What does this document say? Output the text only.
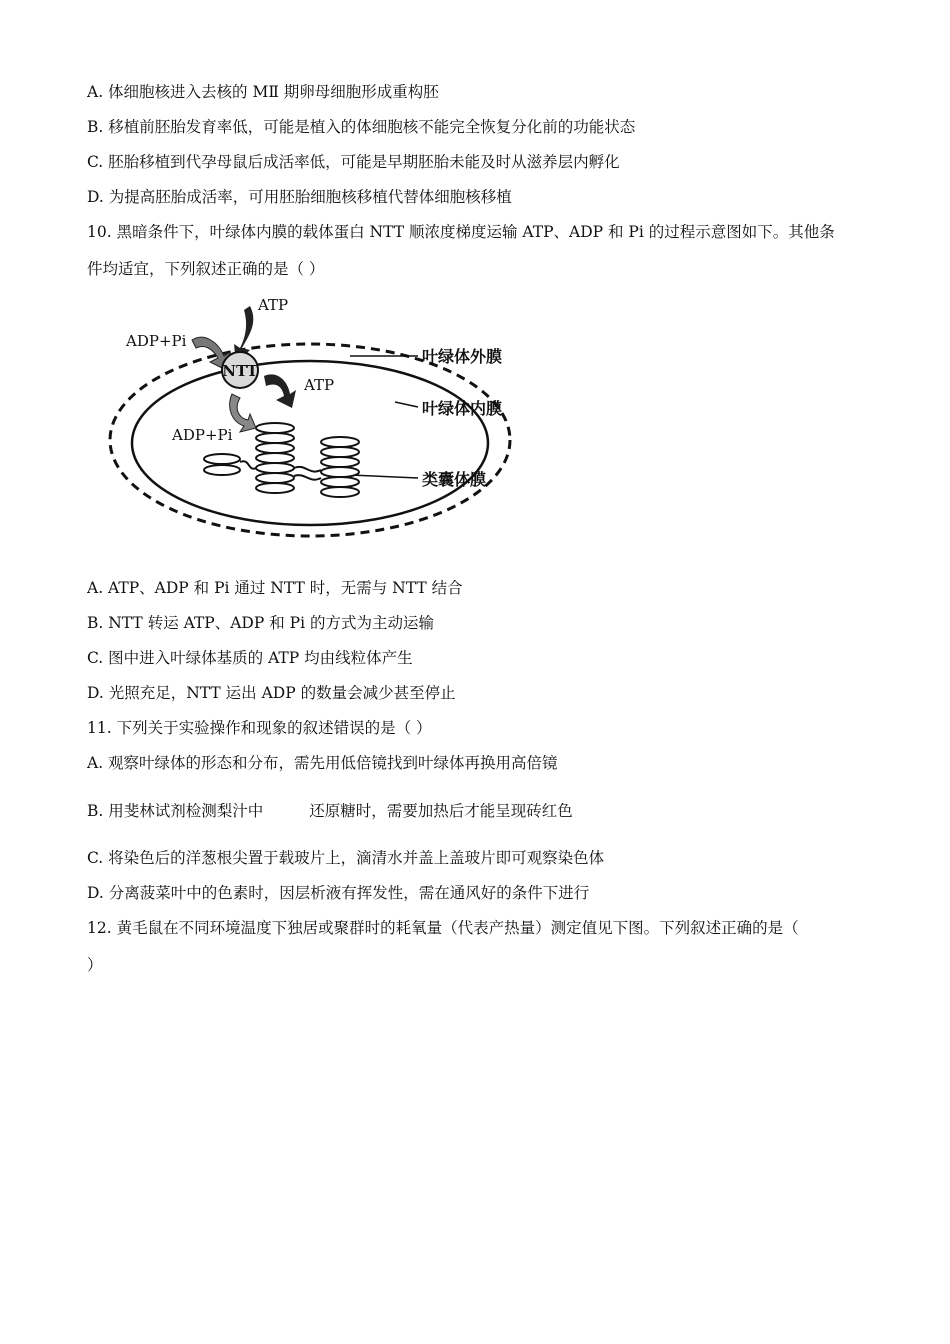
A. 体细胞核进入去核的 MⅡ 期卵母细胞形成重构胚
B. 移植前胚胎发育率低，可能是植入的体细胞核不能完全恢复分化前的功能状态
C. 胚胎移植到代孕母鼠后成活率低，可能是早期胚胎未能及时从滋养层内孵化
D. 为提高胚胎成活率，可用胚胎细胞核移植代替体细胞核移植
10. 黑暗条件下，叶绿体内膜的载体蛋白 NTT 顺浓度梯度运输 ATP、ADP 和 Pi 的过程示意图如下。其他条
件均适宜，下列叙述正确的是（ ）
NTT
ATP
ADP+Pi
ATP
ADP+Pi
叶绿体外膜
叶绿体内膜
类囊体膜
A. ATP、ADP 和 Pi 通过 NTT 时，无需与 NTT 结合
B. NTT 转运 ATP、ADP 和 Pi 的方式为主动运输
C. 图中进入叶绿体基质的 ATP 均由线粒体产生
D. 光照充足，NTT 运出 ADP 的数量会减少甚至停止
11. 下列关于实验操作和现象的叙述错误的是（ ）
A. 观察叶绿体的形态和分布，需先用低倍镜找到叶绿体再换用高倍镜
B. 用斐林试剂检测梨汁中	还原糖时，需要加热后才能呈现砖红色
C. 将染色后的洋葱根尖置于载玻片上，滴清水并盖上盖玻片即可观察染色体
D. 分离菠菜叶中的色素时，因层析液有挥发性，需在通风好的条件下进行
12. 黄毛鼠在不同环境温度下独居或聚群时的耗氧量（代表产热量）测定值见下图。下列叙述正确的是（
）
